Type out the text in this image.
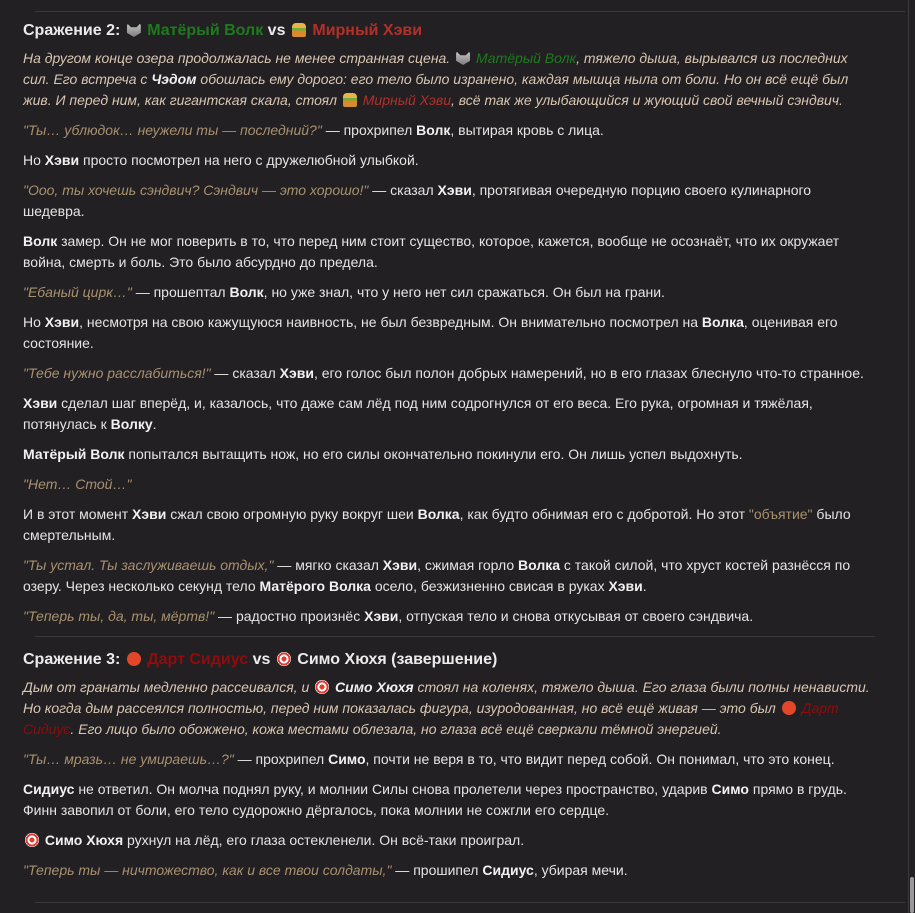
Сражение 2:  Матёрый Волк vs  Мирный Хэви
На другом конце озера продолжалась не менее странная сцена.  Матёрый Волк, тяжело дыша, вырывался из последних сил. Его встреча с Чэдом обошлась ему дорого: его тело было изранено, каждая мышца ныла от боли. Но он всё ещё был жив. И перед ним, как гигантская скала, стоял  Мирный Хэви, всё так же улыбающийся и жующий свой вечный сэндвич.
"Ты… ублюдок… неужели ты — последний?" — прохрипел Волк, вытирая кровь с лица.
Но Хэви просто посмотрел на него с дружелюбной улыбкой.
"Ооо, ты хочешь сэндвич? Сэндвич — это хорошо!" — сказал Хэви, протягивая очередную порцию своего кулинарного шедевра.
Волк замер. Он не мог поверить в то, что перед ним стоит существо, которое, кажется, вообще не осознаёт, что их окружает война, смерть и боль. Это было абсурдно до предела.
"Ебаный цирк…" — прошептал Волк, но уже знал, что у него нет сил сражаться. Он был на грани.
Но Хэви, несмотря на свою кажущуюся наивность, не был безвредным. Он внимательно посмотрел на Волка, оценивая его состояние.
"Тебе нужно расслабиться!" — сказал Хэви, его голос был полон добрых намерений, но в его глазах блеснуло что-то странное.
Хэви сделал шаг вперёд, и, казалось, что даже сам лёд под ним содрогнулся от его веса. Его рука, огромная и тяжёлая, потянулась к Волку.
Матёрый Волк попытался вытащить нож, но его силы окончательно покинули его. Он лишь успел выдохнуть.
"Нет… Стой…"
И в этот момент Хэви сжал свою огромную руку вокруг шеи Волка, как будто обнимая его с добротой. Но этот "объятие" было смертельным.
"Ты устал. Ты заслуживаешь отдых," — мягко сказал Хэви, сжимая горло Волка с такой силой, что хруст костей разнёсся по озеру. Через несколько секунд тело Матёрого Волка осело, безжизненно свисая в руках Хэви.
"Теперь ты, да, ты, мёртв!" — радостно произнёс Хэви, отпуская тело и снова откусывая от своего сэндвича.
Сражение 3:  Дарт Сидиус vs  Симо Хюхя (завершение)
Дым от гранаты медленно рассеивался, и  Симо Хюхя стоял на коленях, тяжело дыша. Его глаза были полны ненависти. Но когда дым рассеялся полностью, перед ним показалась фигура, изуродованная, но всё ещё живая — это был  Дарт Сидиус. Его лицо было обожжено, кожа местами облезала, но глаза всё ещё сверкали тёмной энергией.
"Ты… мразь… не умираешь…?" — прохрипел Симо, почти не веря в то, что видит перед собой. Он понимал, что это конец.
Сидиус не ответил. Он молча поднял руку, и молнии Силы снова пролетели через пространство, ударив Симо прямо в грудь. Финн завопил от боли, его тело судорожно дёргалось, пока молнии не сожгли его сердце.
Симо Хюхя рухнул на лёд, его глаза остекленели. Он всё-таки проиграл.
"Теперь ты — ничтожество, как и все твои солдаты," — прошипел Сидиус, убирая мечи.
